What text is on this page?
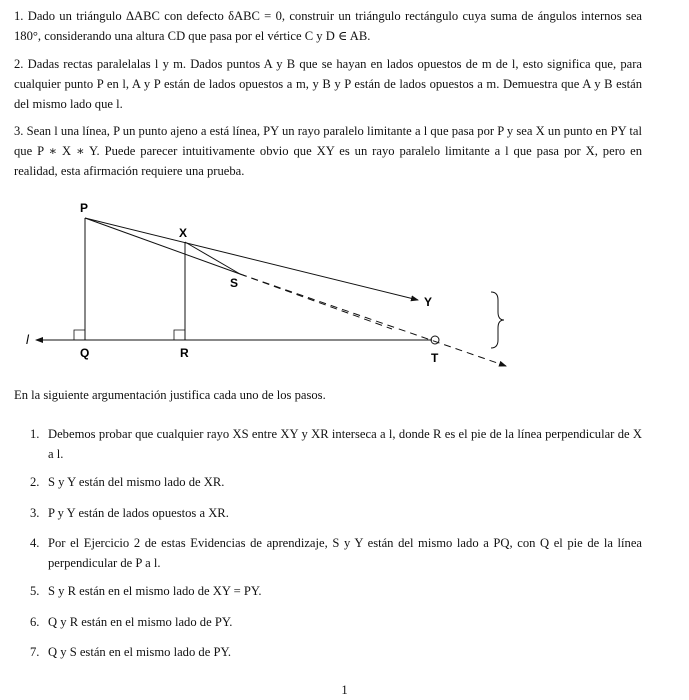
1. Dado un triángulo ΔABC con defecto δABC = 0, construir un triángulo rectángulo cuya suma de ángulos internos sea 180°, considerando una altura CD que pasa por el vértice C y D ∈ AB.
2. Dadas rectas paralelalas l y m. Dados puntos A y B que se hayan en lados opuestos de m de l, esto significa que, para cualquier punto P en l, A y P están de lados opuestos a m, y B y P están de lados opuestos a m. Demuestra que A y B están del mismo lado que l.
3. Sean l una línea, P un punto ajeno a está línea, PY un rayo paralelo limitante a l que pasa por P y sea X un punto en PY tal que P ∗ X ∗ Y. Puede parecer intuitivamente obvio que XY es un rayo paralelo limitante a l que pasa por X, pero en realidad, esta afirmación requiere una prueba.
P
X
S
Y
l
Q	R	T
En la siguiente argumentación justifica cada uno de los pasos.
1. Debemos probar que cualquier rayo XS entre XY y XR interseca a l, donde R es el pie de la línea perpendicular de X a l.
2. S y Y están del mismo lado de XR.
3. P y Y están de lados opuestos a XR.
4. Por el Ejercicio 2 de estas Evidencias de aprendizaje, S y Y están del mismo lado a PQ, con Q el pie de la línea perpendicular de P a l.
5. S y R están en el mismo lado de XY = PY.
6. Q y R están en el mismo lado de PY.
7. Q y S están en el mismo lado de PY.
1
